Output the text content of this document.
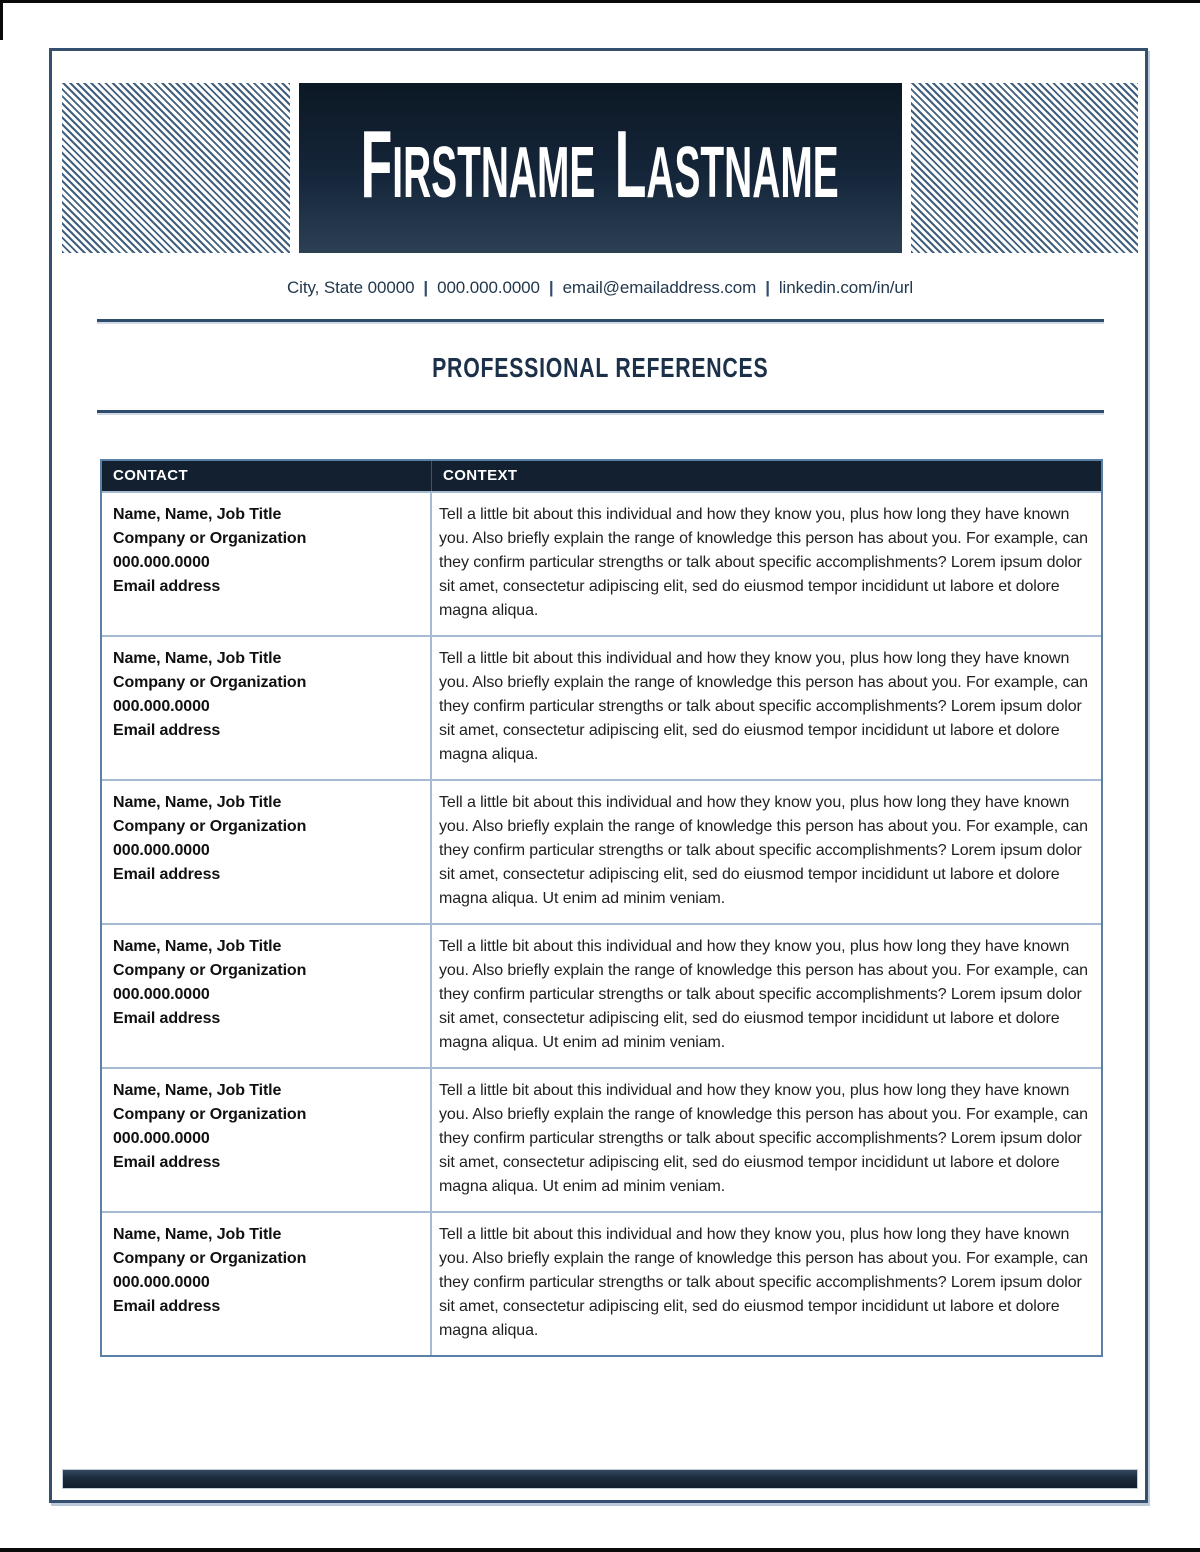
FIRSTNAME LASTNAME
City, State 00000 | 000.000.0000 | email@emailaddress.com | linkedin.com/in/url
PROFESSIONAL REFERENCES
CONTACT	CONTEXT
Name, Name, Job Title
Company or Organization
000.000.0000
Email address
Tell a little bit about this individual and how they know you, plus how long they have known you. Also briefly explain the range of knowledge this person has about you. For example, can they confirm particular strengths or talk about specific accomplishments? Lorem ipsum dolor sit amet, consectetur adipiscing elit, sed do eiusmod tempor incididunt ut labore et dolore magna aliqua.
Name, Name, Job Title
Company or Organization
000.000.0000
Email address
Tell a little bit about this individual and how they know you, plus how long they have known you. Also briefly explain the range of knowledge this person has about you. For example, can they confirm particular strengths or talk about specific accomplishments? Lorem ipsum dolor sit amet, consectetur adipiscing elit, sed do eiusmod tempor incididunt ut labore et dolore magna aliqua.
Name, Name, Job Title
Company or Organization
000.000.0000
Email address
Tell a little bit about this individual and how they know you, plus how long they have known you. Also briefly explain the range of knowledge this person has about you. For example, can they confirm particular strengths or talk about specific accomplishments? Lorem ipsum dolor sit amet, consectetur adipiscing elit, sed do eiusmod tempor incididunt ut labore et dolore magna aliqua. Ut enim ad minim veniam.
Name, Name, Job Title
Company or Organization
000.000.0000
Email address
Tell a little bit about this individual and how they know you, plus how long they have known you. Also briefly explain the range of knowledge this person has about you. For example, can they confirm particular strengths or talk about specific accomplishments? Lorem ipsum dolor sit amet, consectetur adipiscing elit, sed do eiusmod tempor incididunt ut labore et dolore magna aliqua. Ut enim ad minim veniam.
Name, Name, Job Title
Company or Organization
000.000.0000
Email address
Tell a little bit about this individual and how they know you, plus how long they have known you. Also briefly explain the range of knowledge this person has about you. For example, can they confirm particular strengths or talk about specific accomplishments? Lorem ipsum dolor sit amet, consectetur adipiscing elit, sed do eiusmod tempor incididunt ut labore et dolore magna aliqua. Ut enim ad minim veniam.
Name, Name, Job Title
Company or Organization
000.000.0000
Email address
Tell a little bit about this individual and how they know you, plus how long they have known you. Also briefly explain the range of knowledge this person has about you. For example, can they confirm particular strengths or talk about specific accomplishments? Lorem ipsum dolor sit amet, consectetur adipiscing elit, sed do eiusmod tempor incididunt ut labore et dolore magna aliqua.
